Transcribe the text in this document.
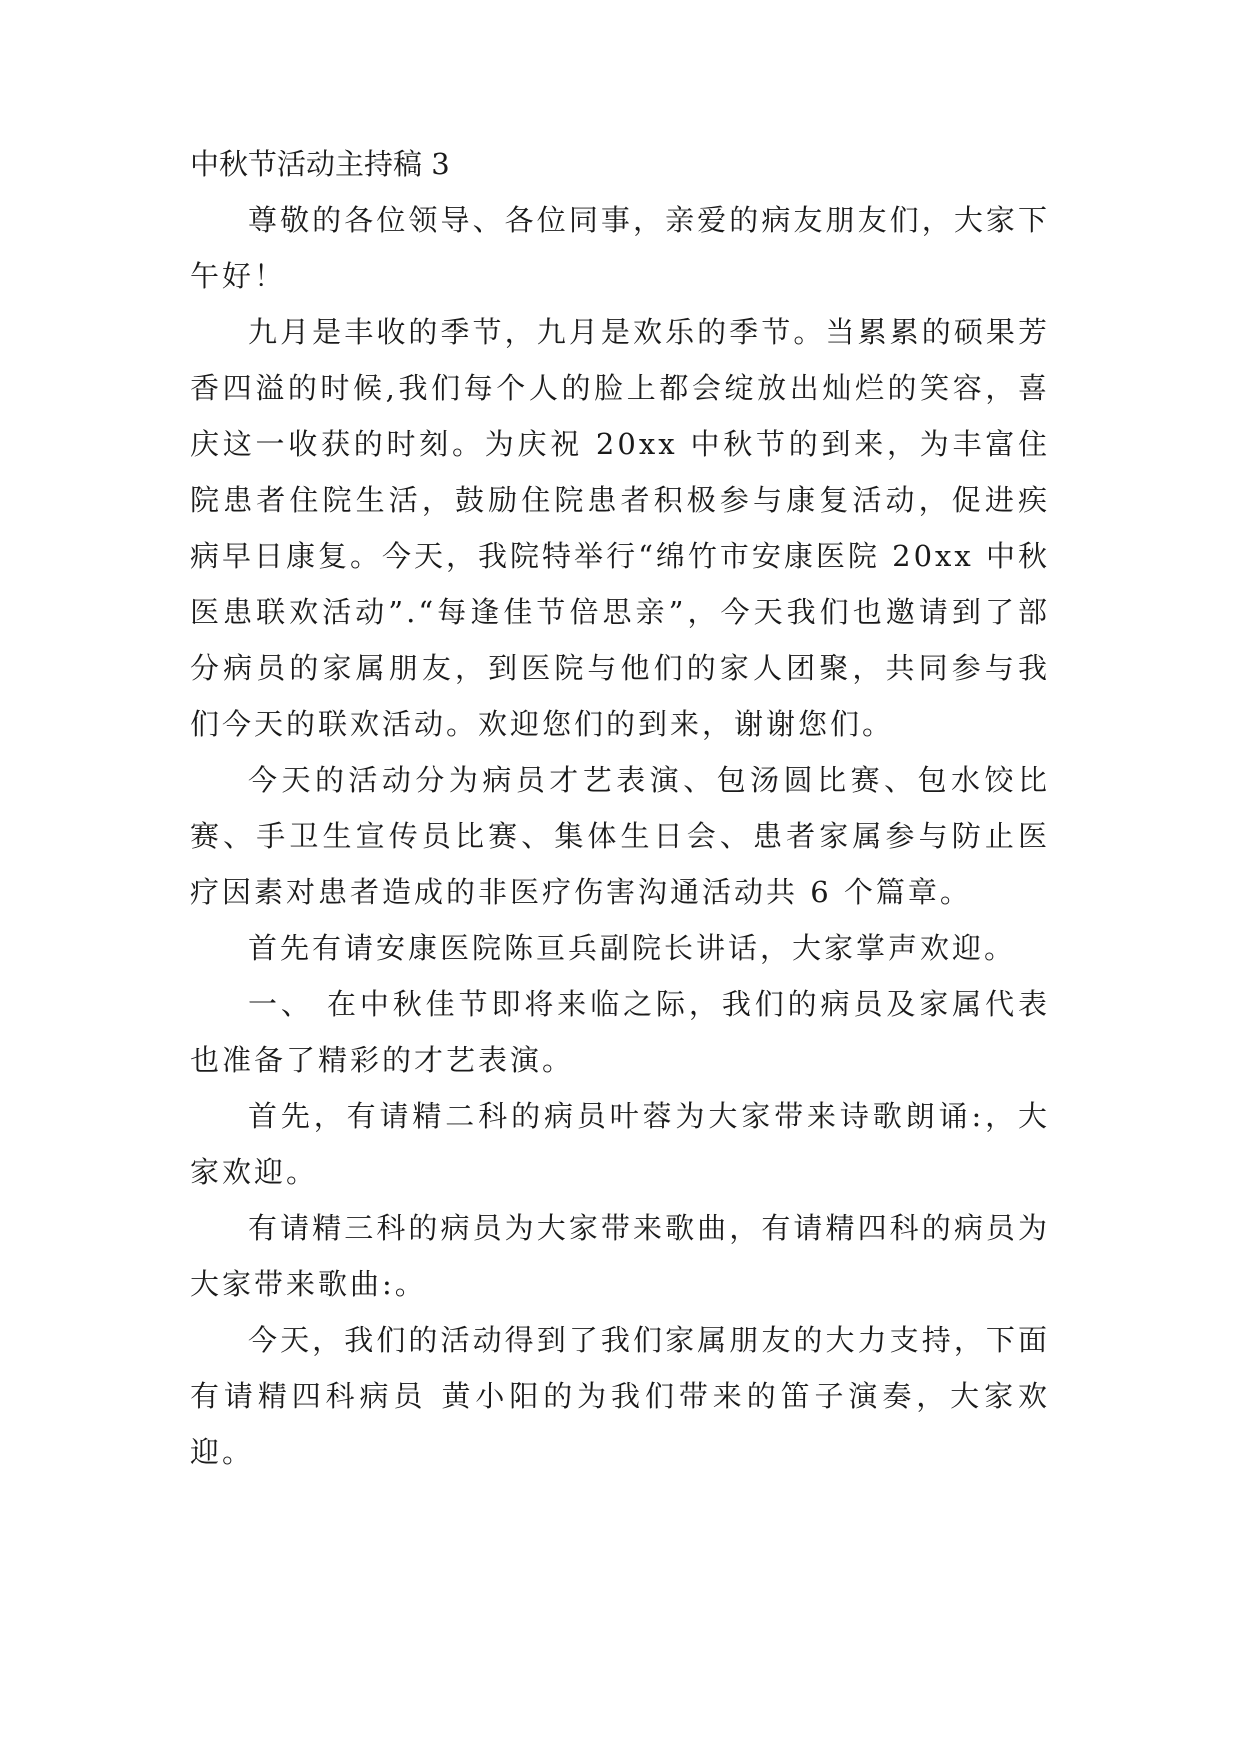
中秋节活动主持稿 3

尊敬的各位领导、各位同事，亲爱的病友朋友们，大家下午好！

九月是丰收的季节，九月是欢乐的季节。当累累的硕果芳香四溢的时候,我们每个人的脸上都会绽放出灿烂的笑容，喜庆这一收获的时刻。为庆祝 20xx 中秋节的到来，为丰富住院患者住院生活，鼓励住院患者积极参与康复活动，促进疾病早日康复。今天，我院特举行“绵竹市安康医院 20xx 中秋医患联欢活动”.“每逢佳节倍思亲”，今天我们也邀请到了部分病员的家属朋友，到医院与他们的家人团聚，共同参与我们今天的联欢活动。欢迎您们的到来，谢谢您们。

今天的活动分为病员才艺表演、包汤圆比赛、包水饺比赛、手卫生宣传员比赛、集体生日会、患者家属参与防止医疗因素对患者造成的非医疗伤害沟通活动共 6 个篇章。

首先有请安康医院陈亘兵副院长讲话，大家掌声欢迎。

一、 在中秋佳节即将来临之际，我们的病员及家属代表也准备了精彩的才艺表演。

首先，有请精二科的病员叶蓉为大家带来诗歌朗诵:，大家欢迎。

有请精三科的病员为大家带来歌曲，有请精四科的病员为大家带来歌曲:。

今天，我们的活动得到了我们家属朋友的大力支持，下面有请精四科病员 黄小阳的为我们带来的笛子演奏，大家欢迎。
